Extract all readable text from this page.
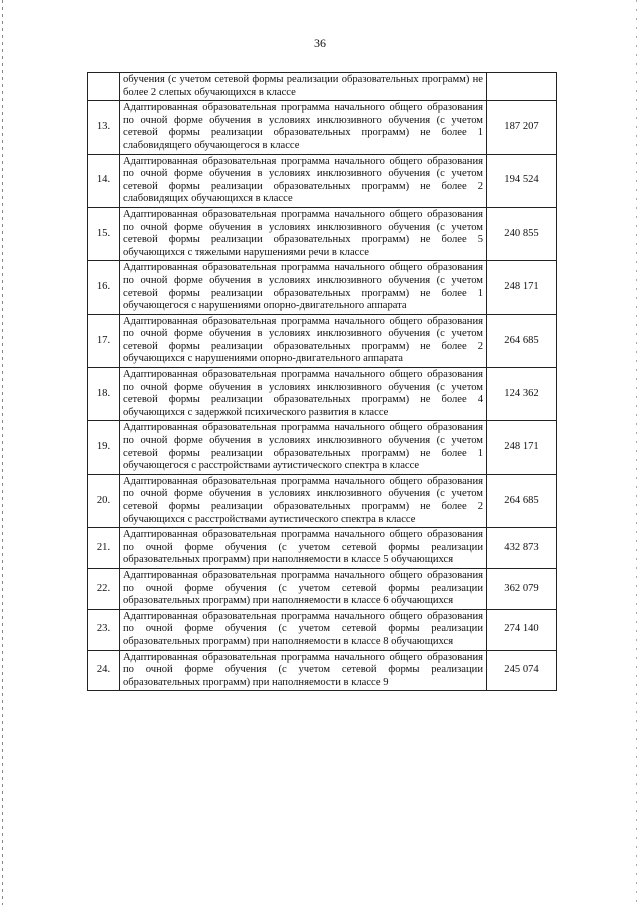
36
	обучения (с учетом сетевой формы реализации образовательных программ) не более 2 слепых обучающихся в классе	
13.	Адаптированная образовательная программа начального общего образования по очной форме обучения в условиях инклюзивного обучения (с учетом сетевой формы реализации образовательных программ) не более 1 слабовидящего обучающегося в классе	187 207
14.	Адаптированная образовательная программа начального общего образования по очной форме обучения в условиях инклюзивного обучения (с учетом сетевой формы реализации образовательных программ) не более 2 слабовидящих обучающихся в классе	194 524
15.	Адаптированная образовательная программа начального общего образования по очной форме обучения в условиях инклюзивного обучения (с учетом сетевой формы реализации образовательных программ) не более 5 обучающихся с тяжелыми нарушениями речи в классе	240 855
16.	Адаптированная образовательная программа начального общего образования по очной форме обучения в условиях инклюзивного обучения (с учетом сетевой формы реализации образовательных программ) не более 1 обучающегося с нарушениями опорно-двигательного аппарата	248 171
17.	Адаптированная образовательная программа начального общего образования по очной форме обучения в условиях инклюзивного обучения (с учетом сетевой формы реализации образовательных программ) не более 2 обучающихся с нарушениями опорно-двигательного аппарата	264 685
18.	Адаптированная образовательная программа начального общего образования по очной форме обучения в условиях инклюзивного обучения (с учетом сетевой формы реализации образовательных программ) не более 4 обучающихся с задержкой психического развития в классе	124 362
19.	Адаптированная образовательная программа начального общего образования по очной форме обучения в условиях инклюзивного обучения (с учетом сетевой формы реализации образовательных программ) не более 1 обучающегося с расстройствами аутистического спектра в классе	248 171
20.	Адаптированная образовательная программа начального общего образования по очной форме обучения в условиях инклюзивного обучения (с учетом сетевой формы реализации образовательных программ) не более 2 обучающихся с расстройствами аутистического спектра в классе	264 685
21.	Адаптированная образовательная программа начального общего образования по очной форме обучения (с учетом сетевой формы реализации образовательных программ) при наполняемости в классе 5 обучающихся	432 873
22.	Адаптированная образовательная программа начального общего образования по очной форме обучения (с учетом сетевой формы реализации образовательных программ) при наполняемости в классе 6 обучающихся	362 079
23.	Адаптированная образовательная программа начального общего образования по очной форме обучения (с учетом сетевой формы реализации образовательных программ) при наполняемости в классе 8 обучающихся	274 140
24.	Адаптированная образовательная программа начального общего образования по очной форме обучения (с учетом сетевой формы реализации образовательных программ) при наполняемости в классе 9	245 074
